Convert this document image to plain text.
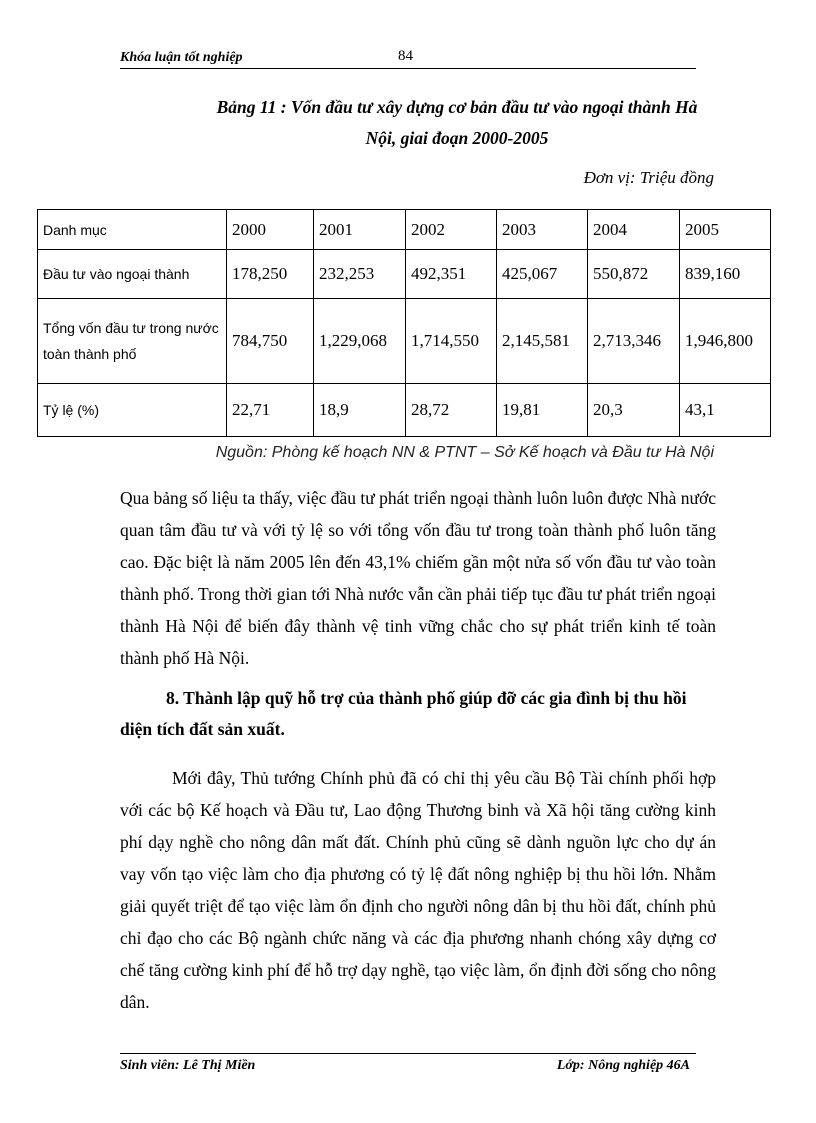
Khóa luận tốt nghiệp	84
Bảng 11 : Vốn đầu tư xây dựng cơ bản đầu tư vào ngoại thành Hà
Nội, giai đoạn 2000-2005
Đơn vị: Triệu đồng
Danh mục	2000	2001	2002	2003	2004	2005
Đầu tư vào ngoại thành	178,250	232,253	492,351	425,067	550,872	839,160
Tổng vốn đầu tư trong nước toàn thành phố	784,750	1,229,068	1,714,550	2,145,581	2,713,346	1,946,800
Tỷ lệ (%)	22,71	18,9	28,72	19,81	20,3	43,1
Nguồn: Phòng kế hoạch NN & PTNT – Sở Kế hoạch và Đầu tư Hà Nội
Qua bảng số liệu ta thấy, việc đầu tư phát triển ngoại thành luôn luôn được Nhà nước quan tâm đầu tư và với tỷ lệ so với tổng vốn đầu tư trong toàn thành phố luôn tăng cao. Đặc biệt là năm 2005 lên đến 43,1% chiếm gần một nửa số vốn đầu tư vào toàn thành phố. Trong thời gian tới Nhà nước vẫn cần phải tiếp tục đầu tư phát triển ngoại thành Hà Nội để biến đây thành vệ tinh vững chắc cho sự phát triển kinh tế toàn thành phố Hà Nội.
8. Thành lập quỹ hỗ trợ của thành phố giúp đỡ các gia đình bị thu hồi diện tích đất sản xuất.
Mới đây, Thủ tướng Chính phủ đã có chỉ thị yêu cầu Bộ Tài chính phối hợp với các bộ Kế hoạch và Đầu tư, Lao động Thương binh và Xã hội tăng cường kinh phí dạy nghề cho nông dân mất đất. Chính phủ cũng sẽ dành nguồn lực cho dự án vay vốn tạo việc làm cho địa phương có tỷ lệ đất nông nghiệp bị thu hồi lớn. Nhằm giải quyết triệt để tạo việc làm ổn định cho người nông dân bị thu hồi đất, chính phủ chỉ đạo cho các Bộ ngành chức năng và các địa phương nhanh chóng xây dựng cơ chế tăng cường kinh phí để hỗ trợ dạy nghề, tạo việc làm, ổn định đời sống cho nông dân.
Sinh viên: Lê Thị Miền	Lớp: Nông nghiệp 46A
